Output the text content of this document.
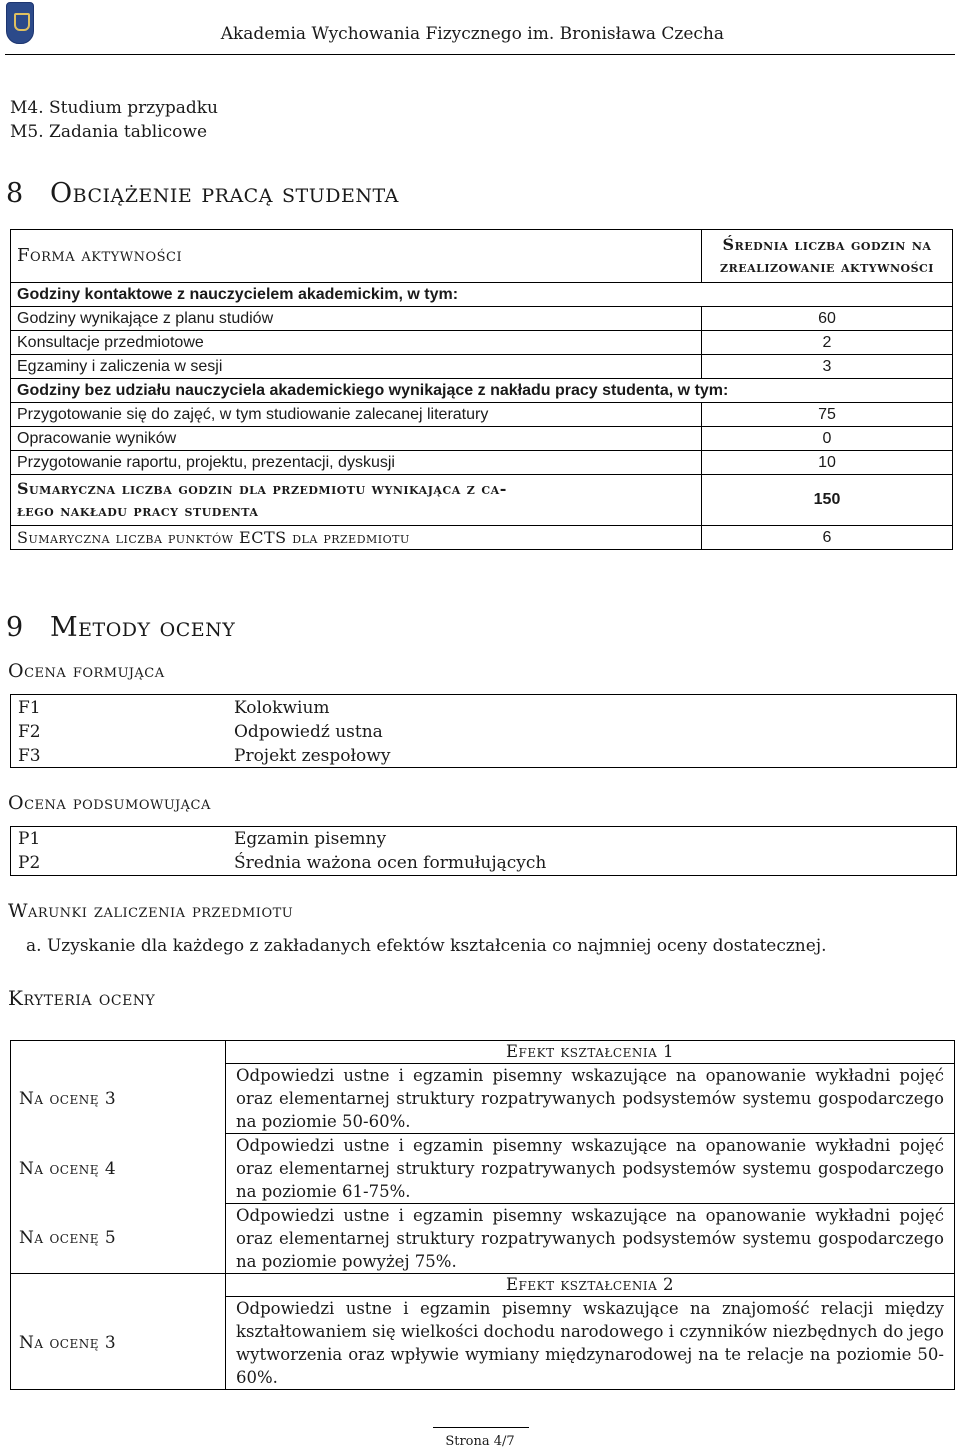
Akademia Wychowania Fizycznego im. Bronisława Czecha
M4. Studium przypadku
M5. Zadania tablicowe
8 Obciążenie pracą studenta
Forma aktywności	Średnia liczba godzin na zrealizowanie aktywności
Godziny kontaktowe z nauczycielem akademickim, w tym:	
Godziny wynikające z planu studiów	60
Konsultacje przedmiotowe	2
Egzaminy i zaliczenia w sesji	3
Godziny bez udziału nauczyciela akademickiego wynikające z nakładu pracy studenta, w tym:	
Przygotowanie się do zajęć, w tym studiowanie zalecanej literatury	75
Opracowanie wyników	0
Przygotowanie raportu, projektu, prezentacji, dyskusji	10
Sumaryczna liczba godzin dla przedmiotu wynikająca z ca-
łego nakładu pracy studenta	150
Sumaryczna liczba punktów ECTS dla przedmiotu	6
9 Metody oceny
Ocena formująca
F1	Kolokwium
F2	Odpowiedź ustna
F3	Projekt zespołowy
Ocena podsumowująca
P1	Egzamin pisemny
P2	Średnia ważona ocen formułujących
Warunki zaliczenia przedmiotu
a. Uzyskanie dla każdego z zakładanych efektów kształcenia co najmniej oceny dostatecznej.
Kryteria oceny
	Efekt kształcenia 1
Na ocenę 3	Odpowiedzi ustne i egzamin pisemny wskazujące na opanowanie wykładni pojęć oraz elementarnej struktury rozpatrywanych podsystemów systemu gospodarczego na poziomie 50-60%.
Na ocenę 4	Odpowiedzi ustne i egzamin pisemny wskazujące na opanowanie wykładni pojęć oraz elementarnej struktury rozpatrywanych podsystemów systemu gospodarczego na poziomie 61-75%.
Na ocenę 5	Odpowiedzi ustne i egzamin pisemny wskazujące na opanowanie wykładni pojęć oraz elementarnej struktury rozpatrywanych podsystemów systemu gospodarczego na poziomie powyżej 75%.
	Efekt kształcenia 2
Na ocenę 3	Odpowiedzi ustne i egzamin pisemny wskazujące na znajomość relacji między kształtowaniem się wielkości dochodu narodowego i czynników niezbędnych do jego wytworzenia oraz wpływie wymiany międzynarodowej na te relacje na poziomie 50-60%.
Strona 4/7
